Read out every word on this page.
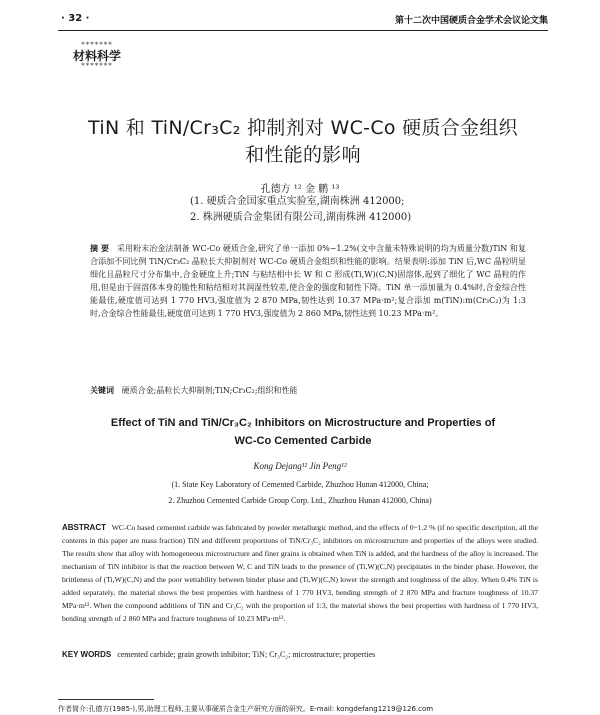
· 32 ·	第十二次中国硬质合金学术会议论文集
*******
材料科学
*******
TiN 和 TiN/Cr₃C₂ 抑制剂对 WC-Co 硬质合金组织
和性能的影响
孔德方 ¹² 金 鹏 ¹³
(1. 硬质合金国家重点实验室,湖南株洲 412000;
2. 株洲硬质合金集团有限公司,湖南株洲 412000)
摘 要 采用粉末冶金法制备 WC-Co 硬质合金,研究了单一添加 0%~1.2%(文中含量未特殊说明的均为质量分数)TiN 和复合添加不同比例 TiN/Cr₃C₂ 晶粒长大抑制剂对 WC-Co 硬质合金组织和性能的影响。结果表明:添加 TiN 后,WC 晶粒明显细化且晶粒尺寸分布集中,合金硬度上升;TiN 与粘结相中长 W 和 C 形成(Ti,W)(C,N)固溶体,起到了细化了 WC 晶粒的作用,但是由于固溶体本身的脆性和粘结相对其润湿性较差,使合金的强度和韧性下降。TiN 单一添加量为 0.4%时,合金综合性能最佳,硬度值可达到 1 770 HV3,强度值为 2 870 MPa,韧性达到 10.37 MPa·m²;复合添加 m(TiN):m(Cr₃C₂)为 1:3 时,合金综合性能最佳,硬度值可达到 1 770 HV3,强度值为 2 860 MPa,韧性达到 10.23 MPa·m²。
关键词 硬质合金;晶粒长大抑制剂;TiN;Cr₃C₂;组织和性能
Effect of TiN and TiN/Cr₃C₂ Inhibitors on Microstructure and Properties of
WC-Co Cemented Carbide
Kong Dejang¹² Jin Peng¹²
(1. State Key Laboratory of Cemented Carbide, Zhuzhou Hunan 412000, China;
2. Zhuzhou Cemented Carbide Group Corp. Ltd., Zhuzhou Hunan 412000, China)
ABSTRACT WC-Co based cemented carbide was fabricated by powder metallurgic method, and the effects of 0~1.2 % (if no specific description, all the contents in this paper are mass fraction) TiN and different proportions of TiN/Cr₃C₂ inhibitors on microstructure and properties of the alloys were studied. The results show that alloy with homogeneous microstructure and finer grains is obtained when TiN is added, and the hardness of the alloy is increased. The mechanism of TiN inhibitor is that the reaction between W, C and TiN leads to the presence of (Ti,W)(C,N) precipitates in the binder phase. However, the brittleness of (Ti,W)(C,N) and the poor wettability between binder phase and (Ti,W)(C,N) lower the strength and toughness of the alloy. When 0.4% TiN is added separately, the material shows the best properties with hardness of 1 770 HV3, bending strength of 2 870 MPa and fracture toughness of 10.37 MPa·m¹². When the compound additions of TiN and Cr₃C₂ with the proportion of 1:3, the material shows the best properties with hardness of 1 770 HV3, bending strength of 2 860 MPa and fracture toughness of 10.23 MPa·m¹².
KEY WORDS cemented carbide; grain growth inhibitor; TiN; Cr₃C₂; microstructure; properties
作者简介:孔德方(1985-),男,助理工程师,主要从事硬质合金生产研究方面的研究。E-mail: kongdefang1219@126.com
